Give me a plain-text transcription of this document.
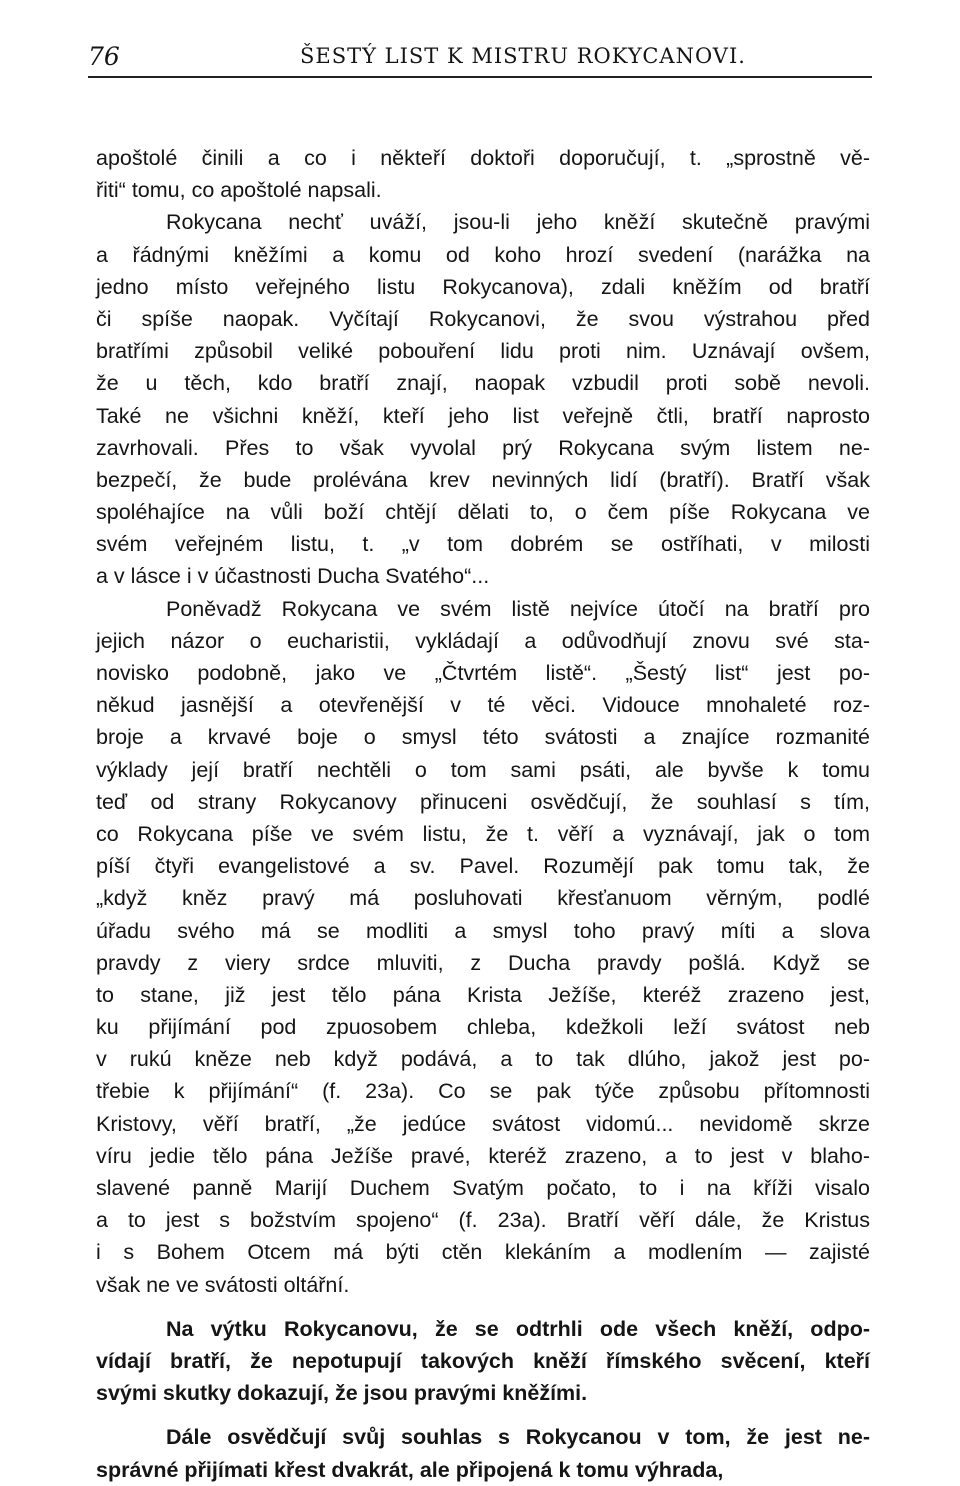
76	ŠESTÝ LIST K MISTRU ROKYCANOVI.
apoštolé činili a co i někteří doktoři doporučují, t. „sprostně vě-
řiti“ tomu, co apoštolé napsali.
Rokycana nechť uváží, jsou-li jeho kněží skutečně pravými
a řádnými kněžími a komu od koho hrozí svedení (narážka na
jedno místo veřejného listu Rokycanova), zdali kněžím od bratří
či spíše naopak. Vyčítají Rokycanovi, že svou výstrahou před
bratřími způsobil veliké pobouření lidu proti nim. Uznávají ovšem,
že u těch, kdo bratří znají, naopak vzbudil proti sobě nevoli.
Také ne všichni kněží, kteří jeho list veřejně čtli, bratří naprosto
zavrhovali. Přes to však vyvolal prý Rokycana svým listem ne-
bezpečí, že bude prolévána krev nevinných lidí (bratří). Bratří však
spoléhajíce na vůli boží chtějí dělati to, o čem píše Rokycana ve
svém veřejném listu, t. „v tom dobrém se ostříhati, v milosti
a v lásce i v účastnosti Ducha Svatého“...
Poněvadž Rokycana ve svém listě nejvíce útočí na bratří pro
jejich názor o eucharistii, vykládají a odůvodňují znovu své sta-
novisko podobně, jako ve „Čtvrtém listě“. „Šestý list“ jest po-
někud jasnější a otevřenější v té věci. Vidouce mnohaleté roz-
broje a krvavé boje o smysl této svátosti a znajíce rozmanité
výklady její bratří nechtěli o tom sami psáti, ale byvše k tomu
teď od strany Rokycanovy přinuceni osvědčují, že souhlasí s tím,
co Rokycana píše ve svém listu, že t. věří a vyznávají, jak o tom
píší čtyři evangelistové a sv. Pavel. Rozumějí pak tomu tak, že
„když kněz pravý má posluhovati křesťanuom věrným, podlé
úřadu svého má se modliti a smysl toho pravý míti a slova
pravdy z viery srdce mluviti, z Ducha pravdy pošlá. Když se
to stane, již jest tělo pána Krista Ježíše, kteréž zrazeno jest,
ku přijímání pod zpuosobem chleba, kdežkoli leží svátost neb
v rukú kněze neb když podává, a to tak dlúho, jakož jest po-
třebie k přijímání“ (f. 23a). Co se pak týče způsobu přítomnosti
Kristovy, věří bratří, „že jedúce svátost vidomú... nevidomě skrze
víru jedie tělo pána Ježíše pravé, kteréž zrazeno, a to jest v blaho-
slavené panně Marijí Duchem Svatým počato, to i na kříži visalo
a to jest s božstvím spojeno“ (f. 23a). Bratří věří dále, že Kristus
i s Bohem Otcem má býti ctěn klekáním a modlením — zajisté
však ne ve svátosti oltářní.
Na výtku Rokycanovu, že se odtrhli ode všech kněží, odpo-
vídají bratří, že nepotupují takových kněží římského svěcení, kteří
svými skutky dokazují, že jsou pravými kněžími.
Dále osvědčují svůj souhlas s Rokycanou v tom, že jest ne-
správné přijímati křest dvakrát, ale připojená k tomu výhrada,
